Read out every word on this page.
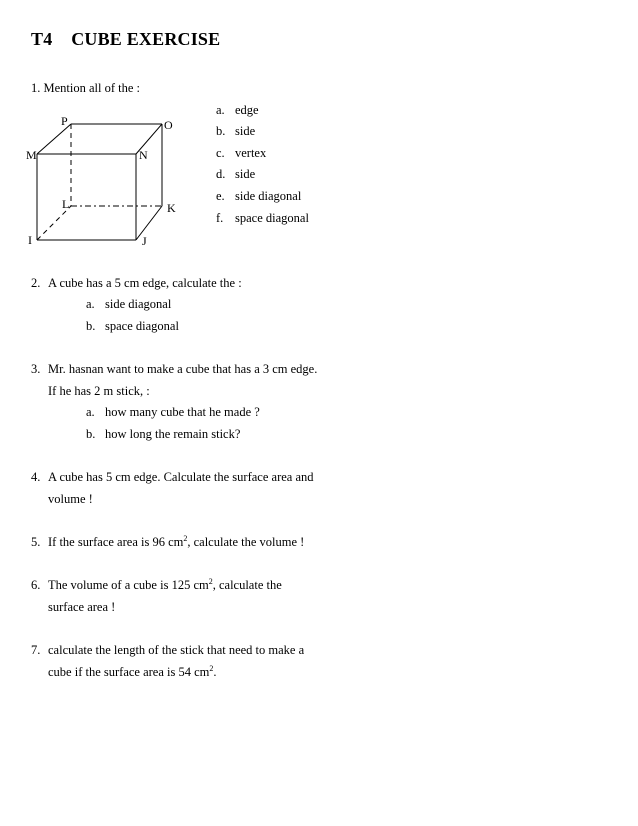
T4    CUBE EXERCISE
1. Mention all of the :
P	O
M	N
L	K
I	J
a. edge
b. side
c. vertex
d. side
e. side diagonal
f. space diagonal
2. A cube has a 5 cm edge, calculate the :
a. side diagonal
b. space diagonal
3. Mr. hasnan want to make a cube that has a 3 cm edge.
If he has 2 m stick, :
a. how many cube that he made ?
b. how long the remain stick?
4. A cube has 5 cm edge. Calculate the surface area and
volume !
5. If the surface area is 96 $cm^2$, calculate the volume !
6. The volume of a cube is 125 $cm^2$, calculate the
surface area !
7. calculate the length of the stick that need to make a
cube if the surface area is 54 $cm^2$.
